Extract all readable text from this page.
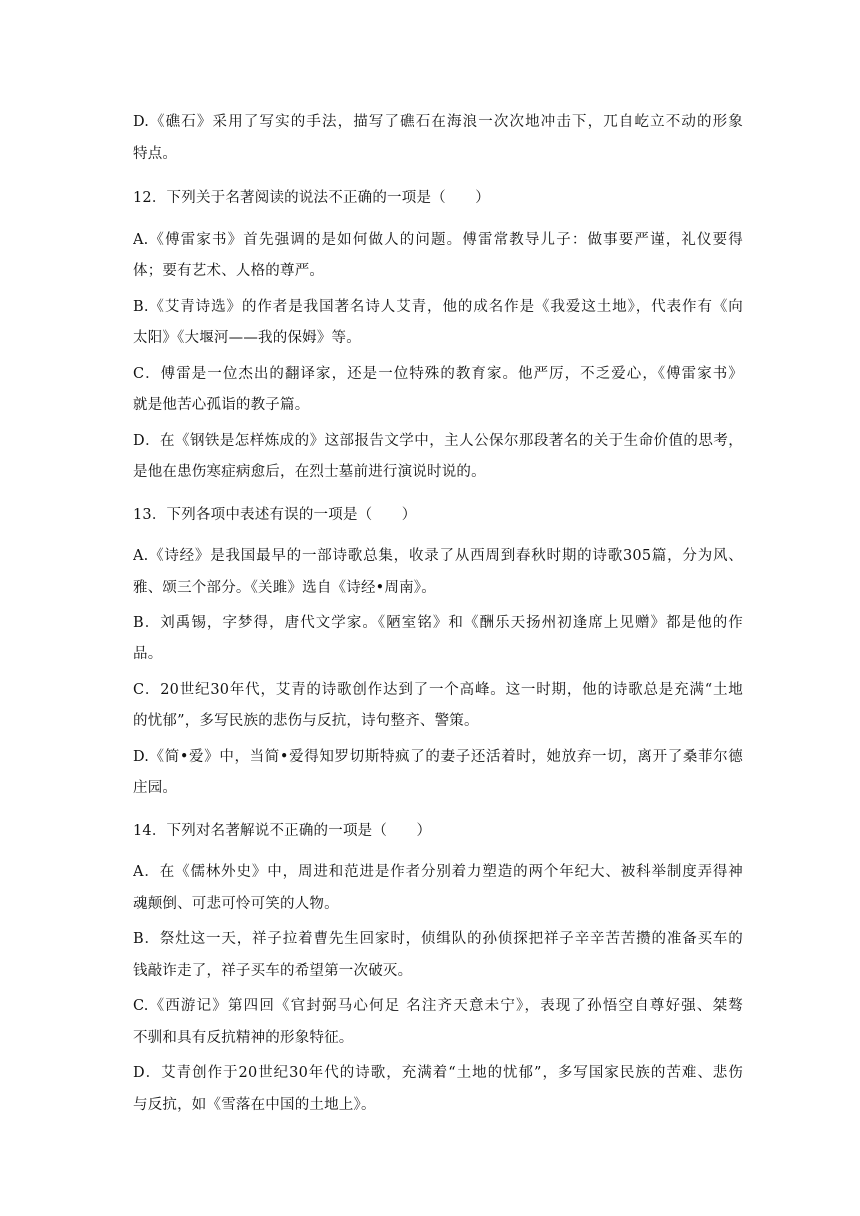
D.《礁石》采用了写实的手法，描写了礁石在海浪一次次地冲击下，兀自屹立不动的形象
特点。
12．下列关于名著阅读的说法不正确的一项是（　　）
A.《傅雷家书》首先强调的是如何做人的问题。傅雷常教导儿子：做事要严谨，礼仪要得
体；要有艺术、人格的尊严。
B.《艾青诗选》的作者是我国著名诗人艾青，他的成名作是《我爱这土地》，代表作有《向
太阳》《大堰河——我的保姆》等。
C．傅雷是一位杰出的翻译家，还是一位特殊的教育家。他严厉，不乏爱心，《傅雷家书》
就是他苦心孤诣的教子篇。
D．在《钢铁是怎样炼成的》这部报告文学中，主人公保尔那段著名的关于生命价值的思考，
是他在患伤寒症病愈后，在烈士墓前进行演说时说的。
13．下列各项中表述有误的一项是（　　）
A.《诗经》是我国最早的一部诗歌总集，收录了从西周到春秋时期的诗歌305篇，分为风、
雅、颂三个部分。《关雎》选自《诗经•周南》。
B．刘禹锡，字梦得，唐代文学家。《陋室铭》和《酬乐天扬州初逢席上见赠》都是他的作
品。
C．20世纪30年代，艾青的诗歌创作达到了一个高峰。这一时期，他的诗歌总是充满“土地
的忧郁”，多写民族的悲伤与反抗，诗句整齐、警策。
D.《简•爱》中，当简•爱得知罗切斯特疯了的妻子还活着时，她放弃一切，离开了桑菲尔德
庄园。
14．下列对名著解说不正确的一项是（　　）
A．在《儒林外史》中，周进和范进是作者分别着力塑造的两个年纪大、被科举制度弄得神
魂颠倒、可悲可怜可笑的人物。
B．祭灶这一天，祥子拉着曹先生回家时，侦缉队的孙侦探把祥子辛辛苦苦攒的准备买车的
钱敲诈走了，祥子买车的希望第一次破灭。
C.《西游记》第四回《官封弼马心何足 名注齐天意未宁》，表现了孙悟空自尊好强、桀骜
不驯和具有反抗精神的形象特征。
D．艾青创作于20世纪30年代的诗歌，充满着“土地的忧郁”，多写国家民族的苦难、悲伤
与反抗，如《雪落在中国的土地上》。
